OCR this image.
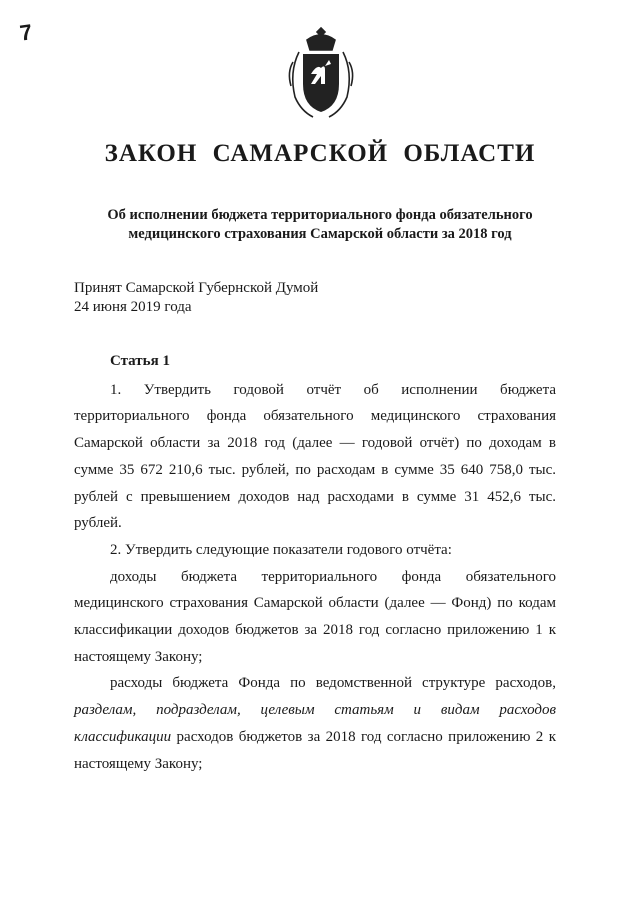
7
ЗАКОН САМАРСКОЙ ОБЛАСТИ
Об исполнении бюджета территориального фонда обязательного
медицинского страхования Самарской области за 2018 год
Принят Самарской Губернской Думой
24 июня 2019 года

Статья 1

1. Утвердить годовой отчёт об исполнении бюджета территориального фонда обязательного медицинского страхования Самарской области за 2018 год (далее — годовой отчёт) по доходам в сумме 35 672 210,6 тыс. рублей, по расходам в сумме 35 640 758,0 тыс. рублей с превышением доходов над расходами в сумме 31 452,6 тыс. рублей.

2. Утвердить следующие показатели годового отчёта:

доходы бюджета территориального фонда обязательного медицинского страхования Самарской области (далее — Фонд) по кодам классификации доходов бюджетов за 2018 год согласно приложению 1 к настоящему Закону;

расходы бюджета Фонда по ведомственной структуре расходов, разделам, подразделам, целевым статьям и видам расходов классификации расходов бюджетов за 2018 год согласно приложению 2 к настоящему Закону;
